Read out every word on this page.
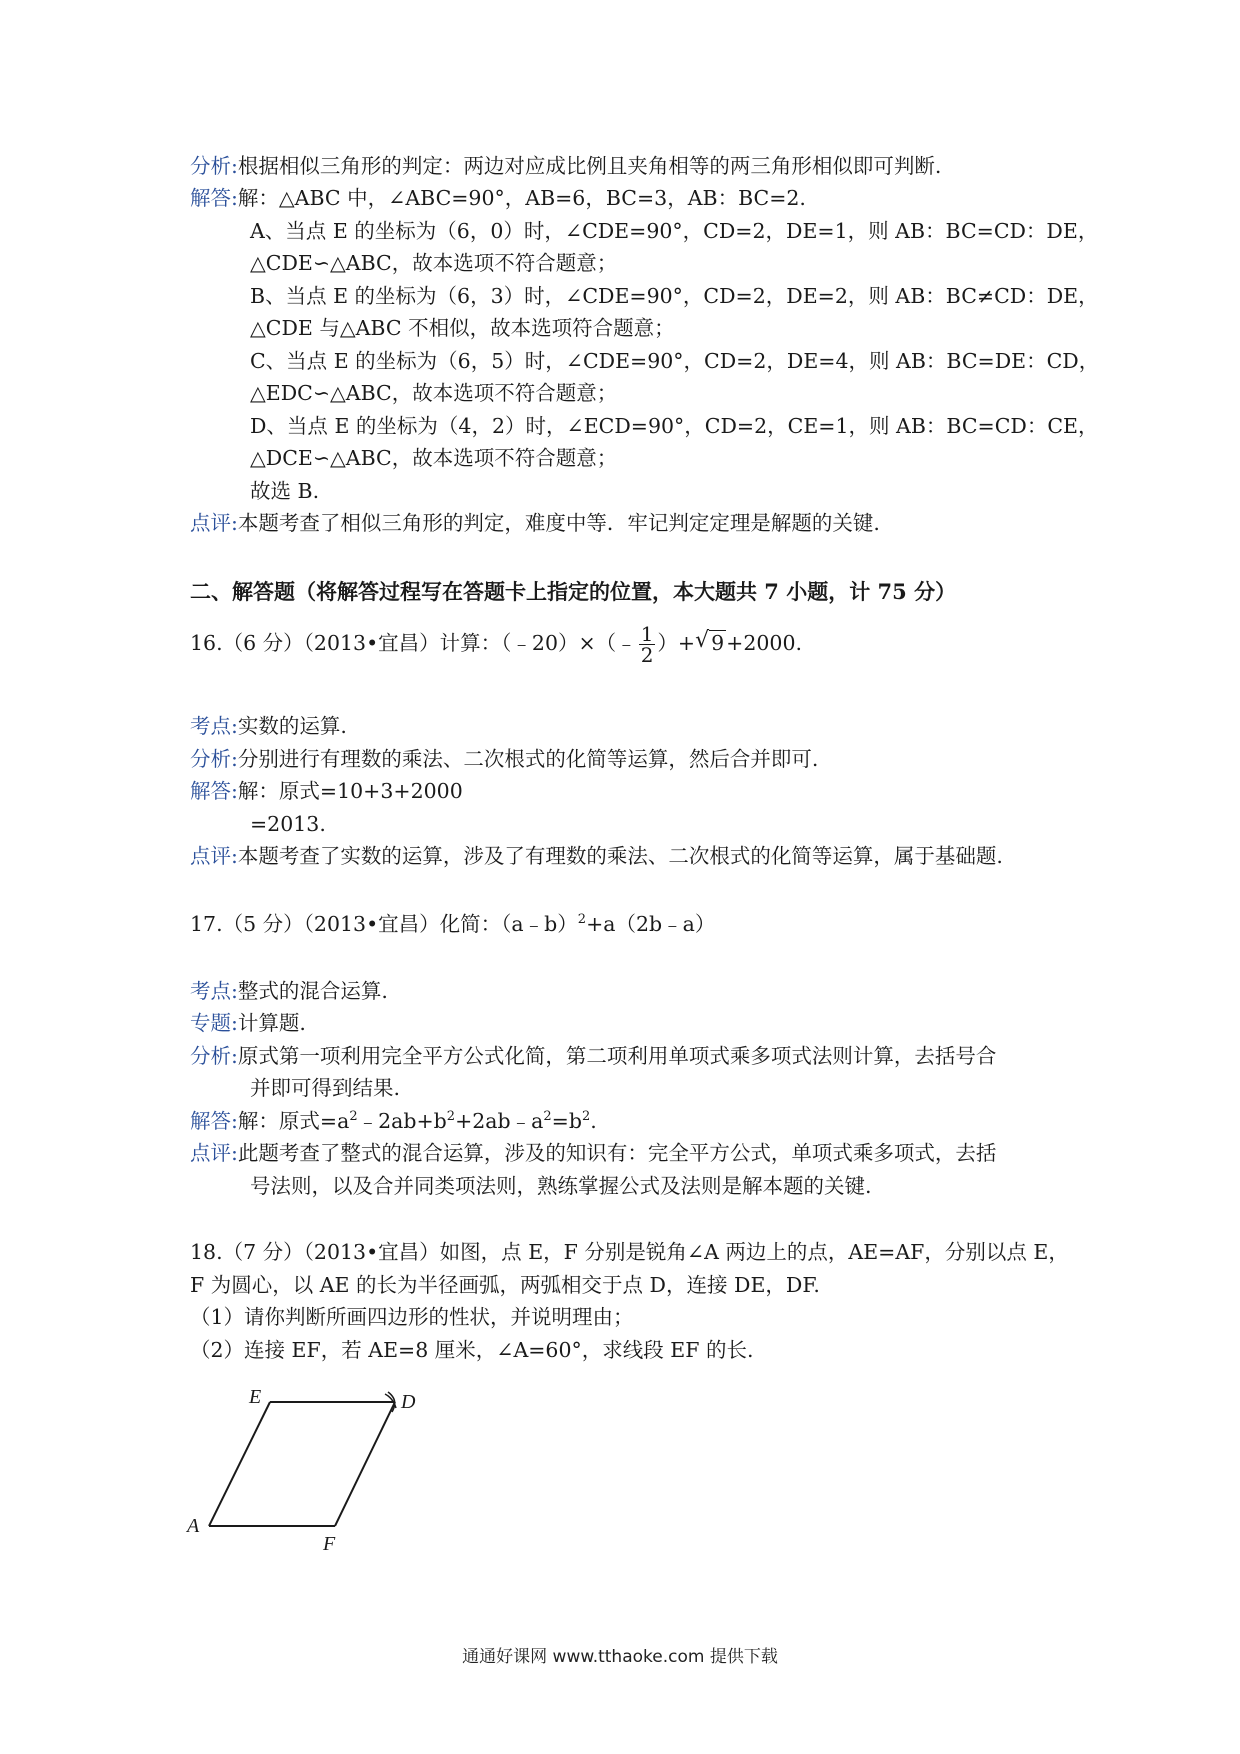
分析:根据相似三角形的判定：两边对应成比例且夹角相等的两三角形相似即可判断.
解答:解：△ABC 中，∠ABC=90°，AB=6，BC=3，AB：BC=2.
A、当点 E 的坐标为（6，0）时，∠CDE=90°，CD=2，DE=1，则 AB：BC=CD：DE，
△CDE∽△ABC，故本选项不符合题意；
B、当点 E 的坐标为（6，3）时，∠CDE=90°，CD=2，DE=2，则 AB：BC≠CD：DE，
△CDE 与△ABC 不相似，故本选项符合题意；
C、当点 E 的坐标为（6，5）时，∠CDE=90°，CD=2，DE=4，则 AB：BC=DE：CD，
△EDC∽△ABC，故本选项不符合题意；
D、当点 E 的坐标为（4，2）时，∠ECD=90°，CD=2，CE=1，则 AB：BC=CD：CE，
△DCE∽△ABC，故本选项不符合题意；
故选 B.
点评:本题考查了相似三角形的判定，难度中等．牢记判定定理是解题的关键.
二、解答题（将解答过程写在答题卡上指定的位置，本大题共 7 小题，计 75 分）
16.（6 分）（2013•宜昌）计算：（﹣20）×（﹣ $\frac{1}{2}$ ）+ √ 9+2000.
考点:实数的运算.
分析:分别进行有理数的乘法、二次根式的化简等运算，然后合并即可.
解答:解：原式=10+3+2000
=2013.
点评:本题考查了实数的运算，涉及了有理数的乘法、二次根式的化简等运算，属于基础题.
17.（5 分）（2013•宜昌）化简：（a﹣b）$^2$+a（2b﹣a）
考点:整式的混合运算.
专题:计算题.
分析:原式第一项利用完全平方公式化简，第二项利用单项式乘多项式法则计算，去括号合
并即可得到结果.
解答:解：原式$=a^2﹣2ab+b^2+2ab﹣a^2=b^2$.
点评:此题考查了整式的混合运算，涉及的知识有：完全平方公式，单项式乘多项式，去括
号法则，以及合并同类项法则，熟练掌握公式及法则是解本题的关键.
18.（7 分）（2013•宜昌）如图，点 E，F 分别是锐角∠A 两边上的点，AE=AF，分别以点 E，
F 为圆心，以 AE 的长为半径画弧，两弧相交于点 D，连接 DE，DF.
（1）请你判断所画四边形的性状，并说明理由；
（2）连接 EF，若 AE=8 厘米，∠A=60°，求线段 EF 的长.
E	D
A
F
通通好课网 www.tthaoke.com 提供下载
